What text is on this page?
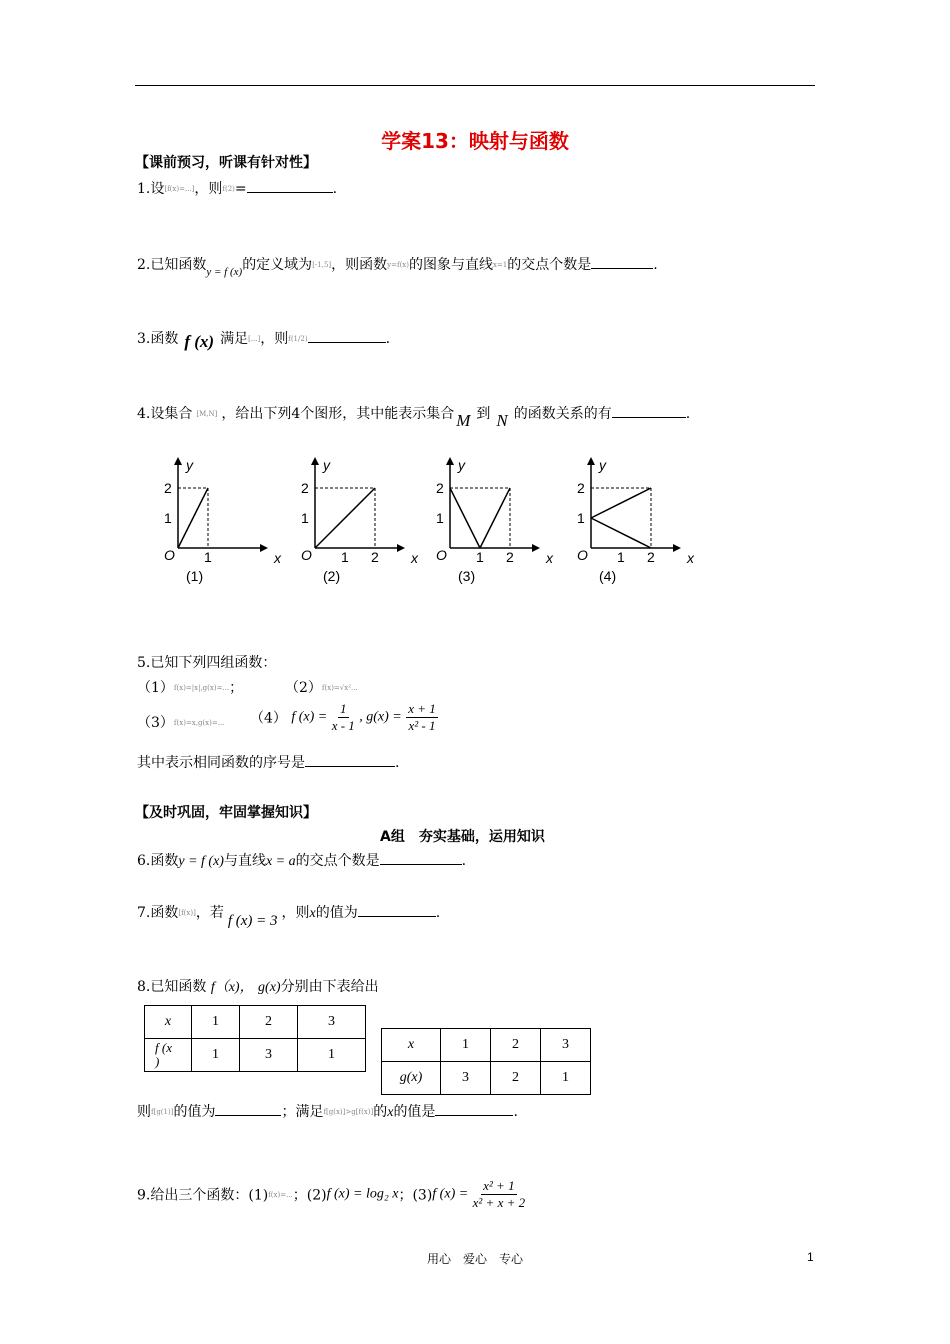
学案13：映射与函数
【课前预习，听课有针对性】
1.设[f(x)=...]，则f(2)=	.
2.已知函数$_{y = f (x)}$的定义域为[-1,5]，则函数y=f(x)的图象与直线x=1的交点个数是	.
3.函数 f (x) 满足[...]，则f(1/2)	.
4.设集合 [M,N] ，给出下列4个图形，其中能表示集合 M 到 N 的函数关系的有	.
y
x
O
2
1
1
(1)
y
x
O
2
1
1 2
(2)
y
x
O
2
1
1 2
(3)
y
x
O
2
1
1 2
(4)
5.已知下列四组函数：
（1）f(x)=|x|,g(x)=...；	（2）f(x)=√x²...
（3）f(x)=x,g(x)=... （4） f $(x) = \frac{1}{x - 1}$ , $g(x) = \frac{x + 1}{\text{x² - 1}}$
其中表示相同函数的序号是	.
【及时巩固，牢固掌握知识】
A组　夯实基础，运用知识
6.函数y = f (x)与直线x = a的交点个数是	.
7.函数[f(x)]，若 f (x) = 3 ，则x的值为	.
8.已知函数 f（x)， g(x)分别由下表给出
x	1	2	3
f (x
)	1	3	1
x	1	2	3
g(x)	3	2	1
则f[g(1)]的值为	；满足f[g(x)]>g[f(x)]的x的值是	.
9.给出三个函数：(1)f(x)=...；(2)f (x) = log₂ x；(3)f $(x) = \frac{\text{x² + 1}}{\text{x² + x + 2}}$
用心　爱心　专心	1
